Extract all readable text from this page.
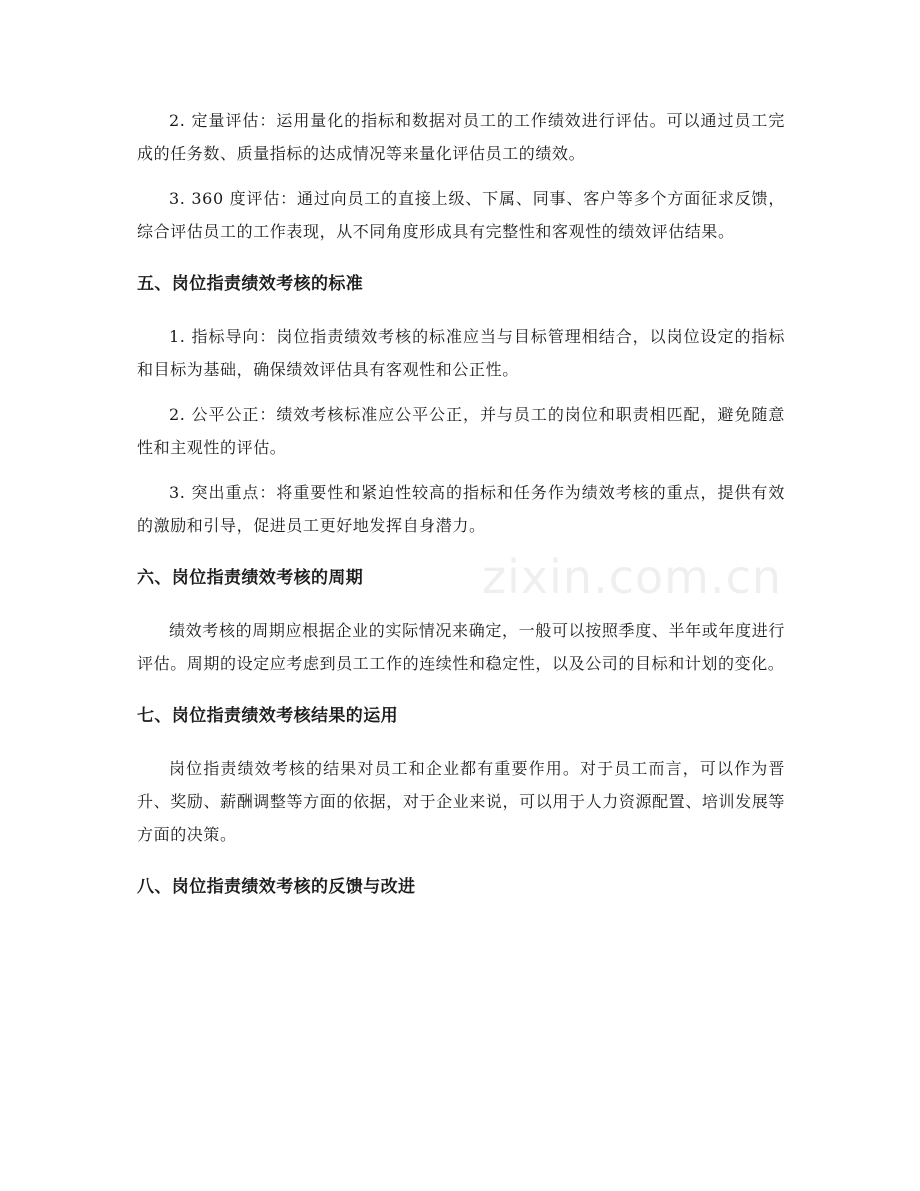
2. 定量评估：运用量化的指标和数据对员工的工作绩效进行评估。可以通过员工完成的任务数、质量指标的达成情况等来量化评估员工的绩效。

3. 360 度评估：通过向员工的直接上级、下属、同事、客户等多个方面征求反馈，综合评估员工的工作表现，从不同角度形成具有完整性和客观性的绩效评估结果。

五、岗位指责绩效考核的标准

1. 指标导向：岗位指责绩效考核的标准应当与目标管理相结合，以岗位设定的指标和目标为基础，确保绩效评估具有客观性和公正性。

2. 公平公正：绩效考核标准应公平公正，并与员工的岗位和职责相匹配，避免随意性和主观性的评估。

3. 突出重点：将重要性和紧迫性较高的指标和任务作为绩效考核的重点，提供有效的激励和引导，促进员工更好地发挥自身潜力。

六、岗位指责绩效考核的周期

绩效考核的周期应根据企业的实际情况来确定，一般可以按照季度、半年或年度进行评估。周期的设定应考虑到员工工作的连续性和稳定性，以及公司的目标和计划的变化。

七、岗位指责绩效考核结果的运用

岗位指责绩效考核的结果对员工和企业都有重要作用。对于员工而言，可以作为晋升、奖励、薪酬调整等方面的依据，对于企业来说，可以用于人力资源配置、培训发展等方面的决策。

八、岗位指责绩效考核的反馈与改进
zixin.com.cn
